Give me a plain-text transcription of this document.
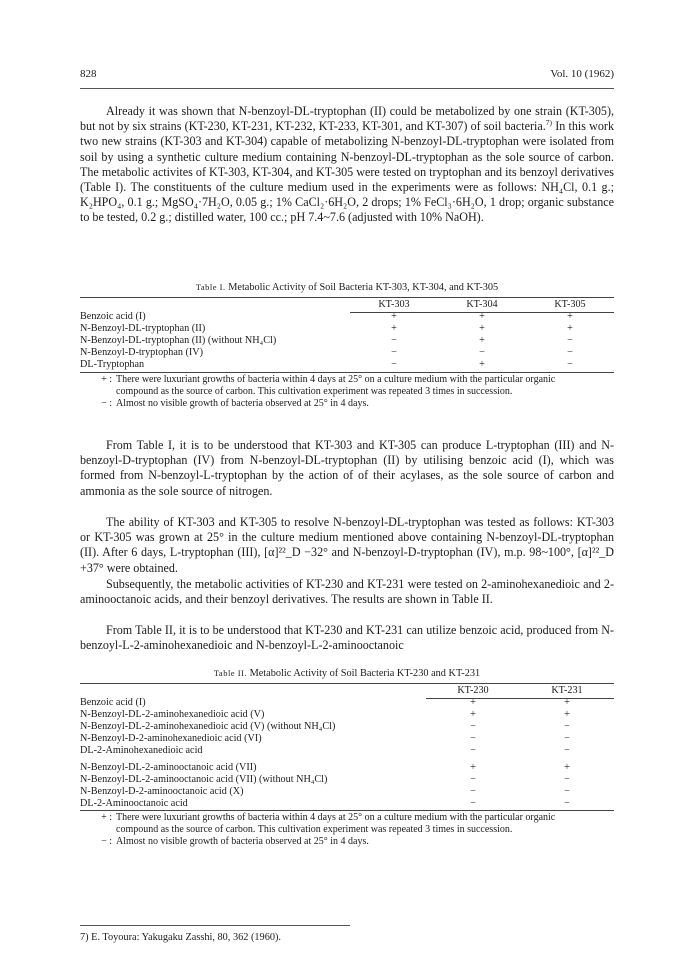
828	Vol. 10 (1962)

Already it was shown that N-benzoyl-DL-tryptophan (II) could be metabolized by one strain (KT-305), but not by six strains (KT-230, KT-231, KT-232, KT-233, KT-301, and KT-307) of soil bacteria.$^{7)}$ In this work two new strains (KT-303 and KT-304) capable of metabolizing N-benzoyl-DL-tryptophan were isolated from soil by using a synthetic culture medium containing N-benzoyl-DL-tryptophan as the sole source of carbon. The metabolic activites of KT-303, KT-304, and KT-305 were tested on tryptophan and its benzoyl derivatives (Table I). The constituents of the culture medium used in the experiments were as follows: NH₄Cl, 0.1 g.; K₂HPO₄, 0.1 g.; MgSO₄·7H₂O, 0.05 g.; 1% CaCl₂·6H₂O, 2 drops; 1% FeCl₃·6H₂O, 1 drop; organic substance to be tested, 0.2 g.; distilled water, 100 cc.; pH 7.4~7.6 (adjusted with 10% NaOH).

Table I. Metabolic Activity of Soil Bacteria KT-303, KT-304, and KT-305
	KT-303	KT-304	KT-305
Benzoic acid (I)	+	+	+
N-Benzoyl-DL-tryptophan (II)	+	+	+
N-Benzoyl-DL-tryptophan (II) (without NH₄Cl)	−	+	−
N-Benzoyl-D-tryptophan (IV)	−	−	−
DL-Tryptophan	−	+	−
+ : There were luxuriant growths of bacteria within 4 days at 25° on a culture medium with the particular organic compound as the source of carbon. This cultivation experiment was repeated 3 times in succession.
− : Almost no visible growth of bacteria observed at 25° in 4 days.

From Table I, it is to be understood that KT-303 and KT-305 can produce L-tryptophan (III) and N-benzoyl-D-tryptophan (IV) from N-benzoyl-DL-tryptophan (II) by utilising benzoic acid (I), which was formed from N-benzoyl-L-tryptophan by the action of of their acylases, as the sole source of carbon and ammonia as the sole source of nitrogen.

The ability of KT-303 and KT-305 to resolve N-benzoyl-DL-tryptophan was tested as follows: KT-303 or KT-305 was grown at 25° in the culture medium mentioned above containing N-benzoyl-DL-tryptophan (II). After 6 days, L-tryptophan (III), [α]²²_D −32° and N-benzoyl-D-tryptophan (IV), m.p. 98~100°, [α]²²_D +37° were obtained.

Subsequently, the metabolic activities of KT-230 and KT-231 were tested on 2-aminohexanedioic and 2-aminooctanoic acids, and their benzoyl derivatives. The results are shown in Table II.

From Table II, it is to be understood that KT-230 and KT-231 can utilize benzoic acid, produced from N-benzoyl-L-2-aminohexanedioic and N-benzoyl-L-2-aminooctanoic

Table II. Metabolic Activity of Soil Bacteria KT-230 and KT-231
	KT-230	KT-231
Benzoic acid (I)	+	+
N-Benzoyl-DL-2-aminohexanedioic acid (V)	+	+
N-Benzoyl-DL-2-aminohexanedioic acid (V) (without NH₄Cl)	−	−
N-Benzoyl-D-2-aminohexanedioic acid (VI)	−	−
DL-2-Aminohexanedioic acid	−	−
N-Benzoyl-DL-2-aminooctanoic acid (VII)	+	+
N-Benzoyl-DL-2-aminooctanoic acid (VII) (without NH₄Cl)	−	−
N-Benzoyl-D-2-aminooctanoic acid (X)	−	−
DL-2-Aminooctanoic acid	−	−
+ : There were luxuriant growths of bacteria within 4 days at 25° on a culture medium with the particular organic compound as the source of carbon. This cultivation experiment was repeated 3 times in succession.
− : Almost no visible growth of bacteria observed at 25° in 4 days.
7) E. Toyoura: Yakugaku Zasshi, 80, 362 (1960).
